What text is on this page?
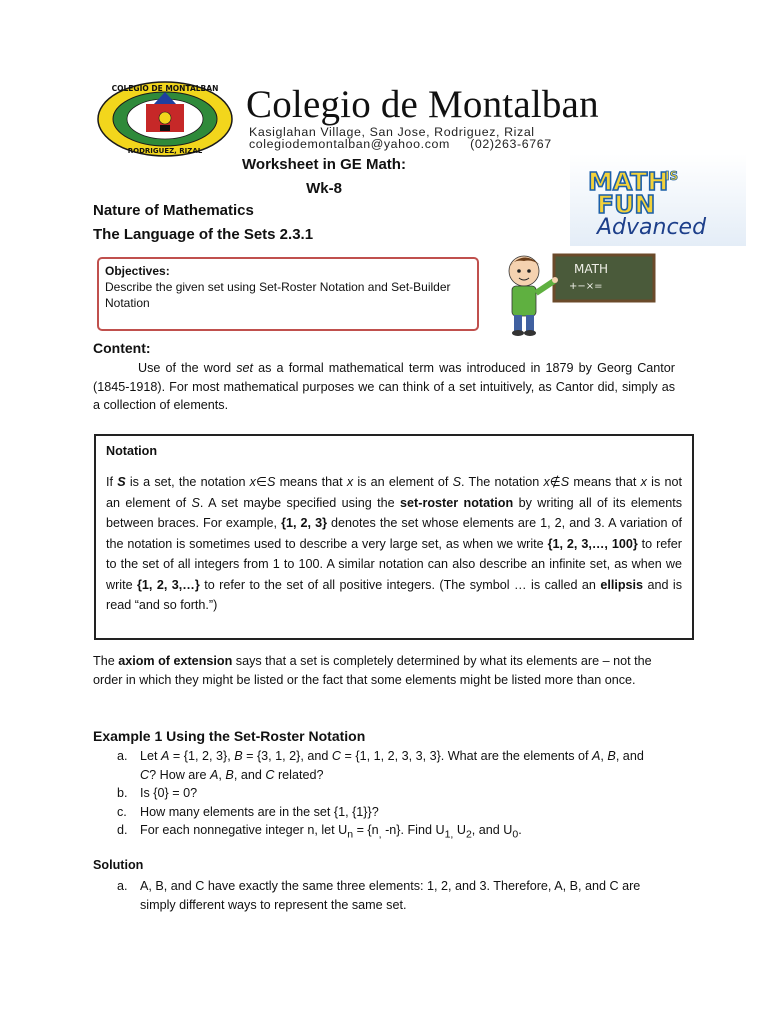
COLEGIO DE MONTALBAN
RODRIGUEZ, RIZAL
Colegio de Montalban
Kasiglahan Village, San Jose, Rodriguez, Rizal
colegiodemontalban@yahoo.com     (02)263-6767
Worksheet in GE Math:
Wk-8
Nature of Mathematics
The Language of the Sets 2.3.1
MATH
IS
FUN
Advanced
MATH
+−×=
Objectives:
Describe the given set using Set-Roster Notation and Set-Builder Notation
Content:

Use of the word set as a formal mathematical term was introduced in 1879 by Georg Cantor (1845-1918). For most mathematical purposes we can think of a set intuitively, as Cantor did, simply as a collection of elements.

Notation
If S is a set, the notation x∈S means that x is an element of S. The notation x∉S means that x is not an element of S. A set maybe specified using the set-roster notation by writing all of its elements between braces. For example, {1, 2, 3} denotes the set whose elements are 1, 2, and 3. A variation of the notation is sometimes used to describe a very large set, as when we write {1, 2, 3,…, 100} to refer to the set of all integers from 1 to 100. A similar notation can also describe an infinite set, as when we write {1, 2, 3,…} to refer to the set of all positive integers. (The symbol … is called an ellipsis and is read “and so forth.”)
The axiom of extension says that a set is completely determined by what its elements are – not the order in which they might be listed or the fact that some elements might be listed more than once.
Example 1 Using the Set-Roster Notation
a. Let A = {1, 2, 3}, B = {3, 1, 2}, and C = {1, 1, 2, 3, 3, 3}. What are the elements of A, B, and
C? How are A, B, and C related?
b. Is {0} = 0?
c. How many elements are in the set {1, {1}}?
d. For each nonnegative integer n, let $U_n = \{n_,$ -n}. Find $U_{1,}$ $U_2$, and $U_0$.
Solution
a. A, B, and C have exactly the same three elements: 1, 2, and 3. Therefore, A, B, and C are simply different ways to represent the same set.
